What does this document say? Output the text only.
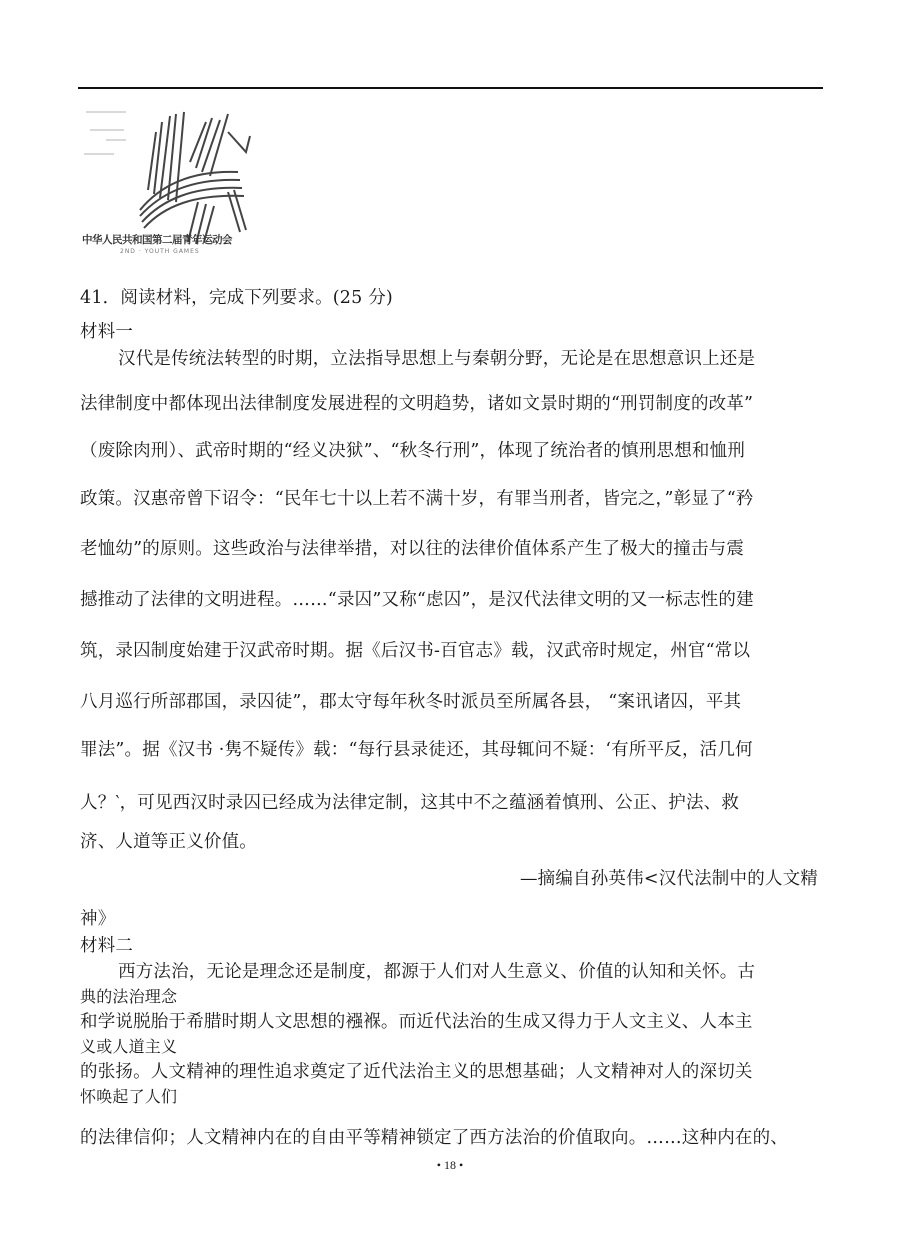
中华人民共和国第二届青年运动会
2ND · YOUTH GAMES
41．阅读材料，完成下列要求。(25 分)
材料一
汉代是传统法转型的时期，立法指导思想上与秦朝分野，无论是在思想意识上还是
法律制度中都体现出法律制度发展进程的文明趋势，诸如文景时期的“刑罚制度的改革”
（废除肉刑）、武帝时期的“经义决狱”、“秋冬行刑”，体现了统治者的慎刑思想和恤刑
政策。汉惠帝曾下诏令：“民年七十以上若不满十岁，有罪当刑者，皆完之，”彰显了“矜
老恤幼”的原则。这些政治与法律举措，对以往的法律价值体系产生了极大的撞击与震
撼推动了法律的文明进程。……“录囚”又称“虑囚”，是汉代法律文明的又一标志性的建
筑，录囚制度始建于汉武帝时期。据《后汉书-百官志》载，汉武帝时规定，州官“常以
八月巡行所部郡国，录囚徒”，郡太守每年秋冬时派员至所属各县， “案讯诸囚，平其
罪法”。据《汉书 ·隽不疑传》载：“每行县录徒还，其母辄问不疑：‘有所平反，活几何
人？‵，可见西汉时录囚已经成为法律定制，这其中不之蕴涵着慎刑、公正、护法、救
济、人道等正义价值。
—摘编自孙英伟<汉代法制中的人文精
神》
材料二
西方法治，无论是理念还是制度，都源于人们对人生意义、价值的认知和关怀。古
典的法治理念
和学说脱胎于希腊时期人文思想的襁褓。而近代法治的生成又得力于人文主义、人本主
义或人道主义
的张扬。人文精神的理性追求奠定了近代法治主义的思想基础；人文精神对人的深切关
怀唤起了人们
的法律信仰；人文精神内在的自由平等精神锁定了西方法治的价值取向。……这种内在的、
• 18 •
